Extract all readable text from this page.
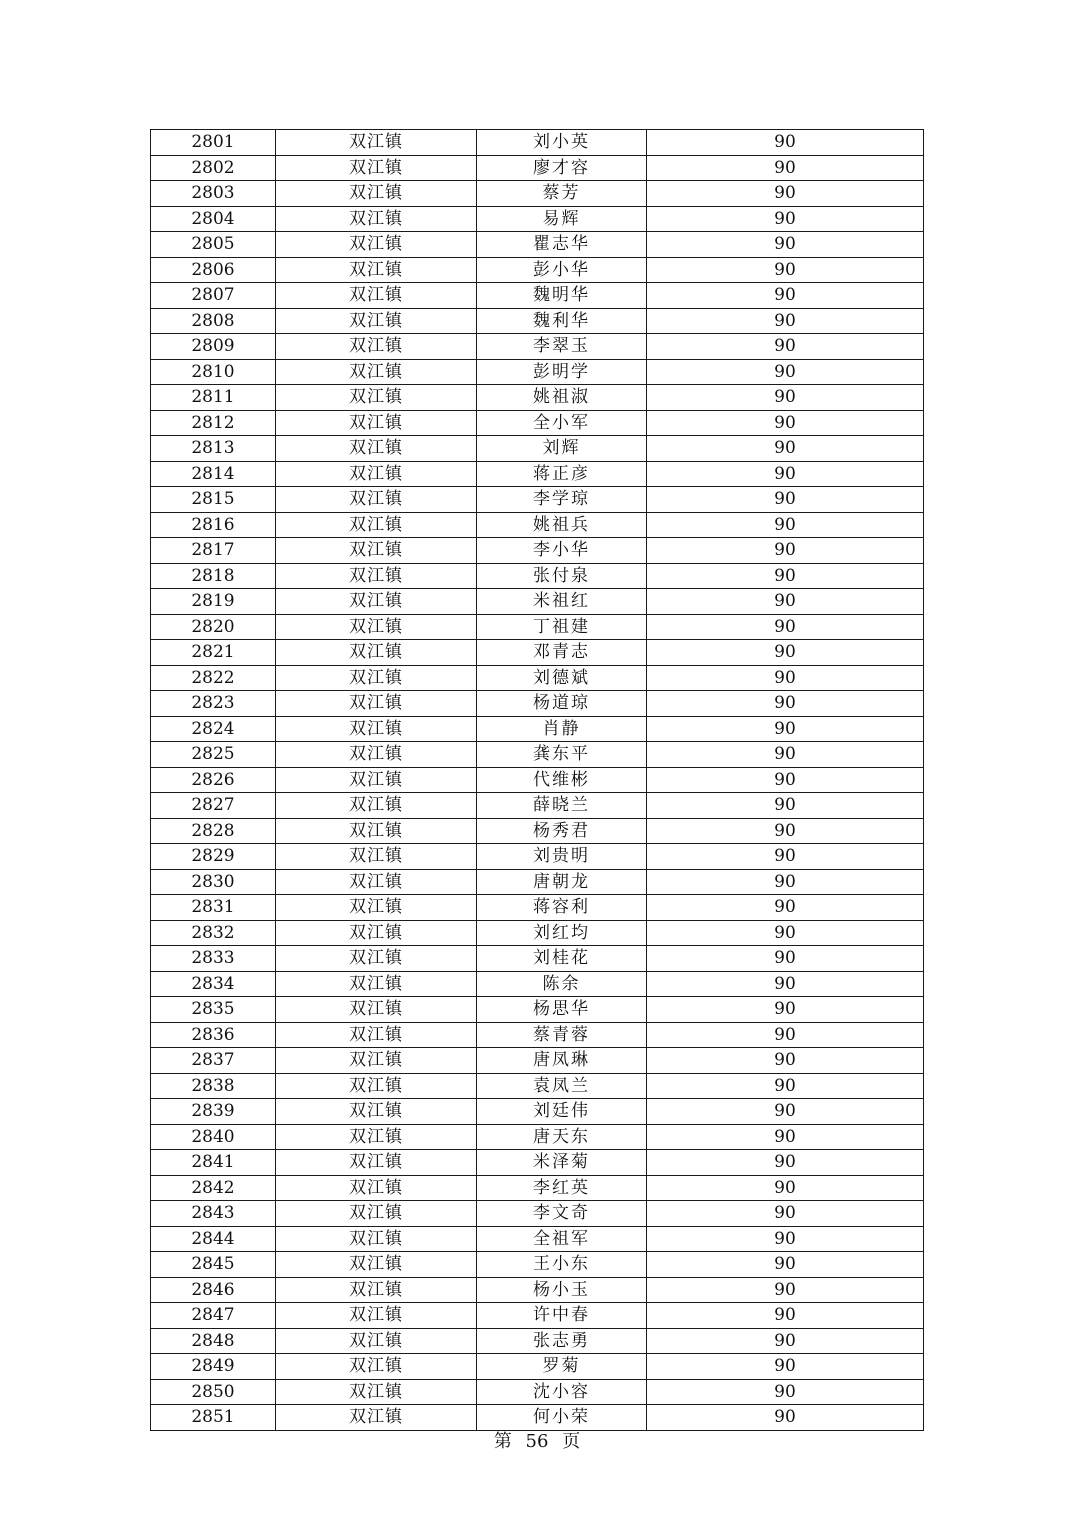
2801	双江镇	刘小英	90
2802	双江镇	廖才容	90
2803	双江镇	蔡芳	90
2804	双江镇	易辉	90
2805	双江镇	瞿志华	90
2806	双江镇	彭小华	90
2807	双江镇	魏明华	90
2808	双江镇	魏利华	90
2809	双江镇	李翠玉	90
2810	双江镇	彭明学	90
2811	双江镇	姚祖淑	90
2812	双江镇	全小军	90
2813	双江镇	刘辉	90
2814	双江镇	蒋正彦	90
2815	双江镇	李学琼	90
2816	双江镇	姚祖兵	90
2817	双江镇	李小华	90
2818	双江镇	张付泉	90
2819	双江镇	米祖红	90
2820	双江镇	丁祖建	90
2821	双江镇	邓青志	90
2822	双江镇	刘德斌	90
2823	双江镇	杨道琼	90
2824	双江镇	肖静	90
2825	双江镇	龚东平	90
2826	双江镇	代维彬	90
2827	双江镇	薛晓兰	90
2828	双江镇	杨秀君	90
2829	双江镇	刘贵明	90
2830	双江镇	唐朝龙	90
2831	双江镇	蒋容利	90
2832	双江镇	刘红均	90
2833	双江镇	刘桂花	90
2834	双江镇	陈余	90
2835	双江镇	杨思华	90
2836	双江镇	蔡青蓉	90
2837	双江镇	唐凤琳	90
2838	双江镇	袁凤兰	90
2839	双江镇	刘廷伟	90
2840	双江镇	唐天东	90
2841	双江镇	米泽菊	90
2842	双江镇	李红英	90
2843	双江镇	李文奇	90
2844	双江镇	全祖军	90
2845	双江镇	王小东	90
2846	双江镇	杨小玉	90
2847	双江镇	许中春	90
2848	双江镇	张志勇	90
2849	双江镇	罗菊	90
2850	双江镇	沈小容	90
2851	双江镇	何小荣	90
第 56 页
